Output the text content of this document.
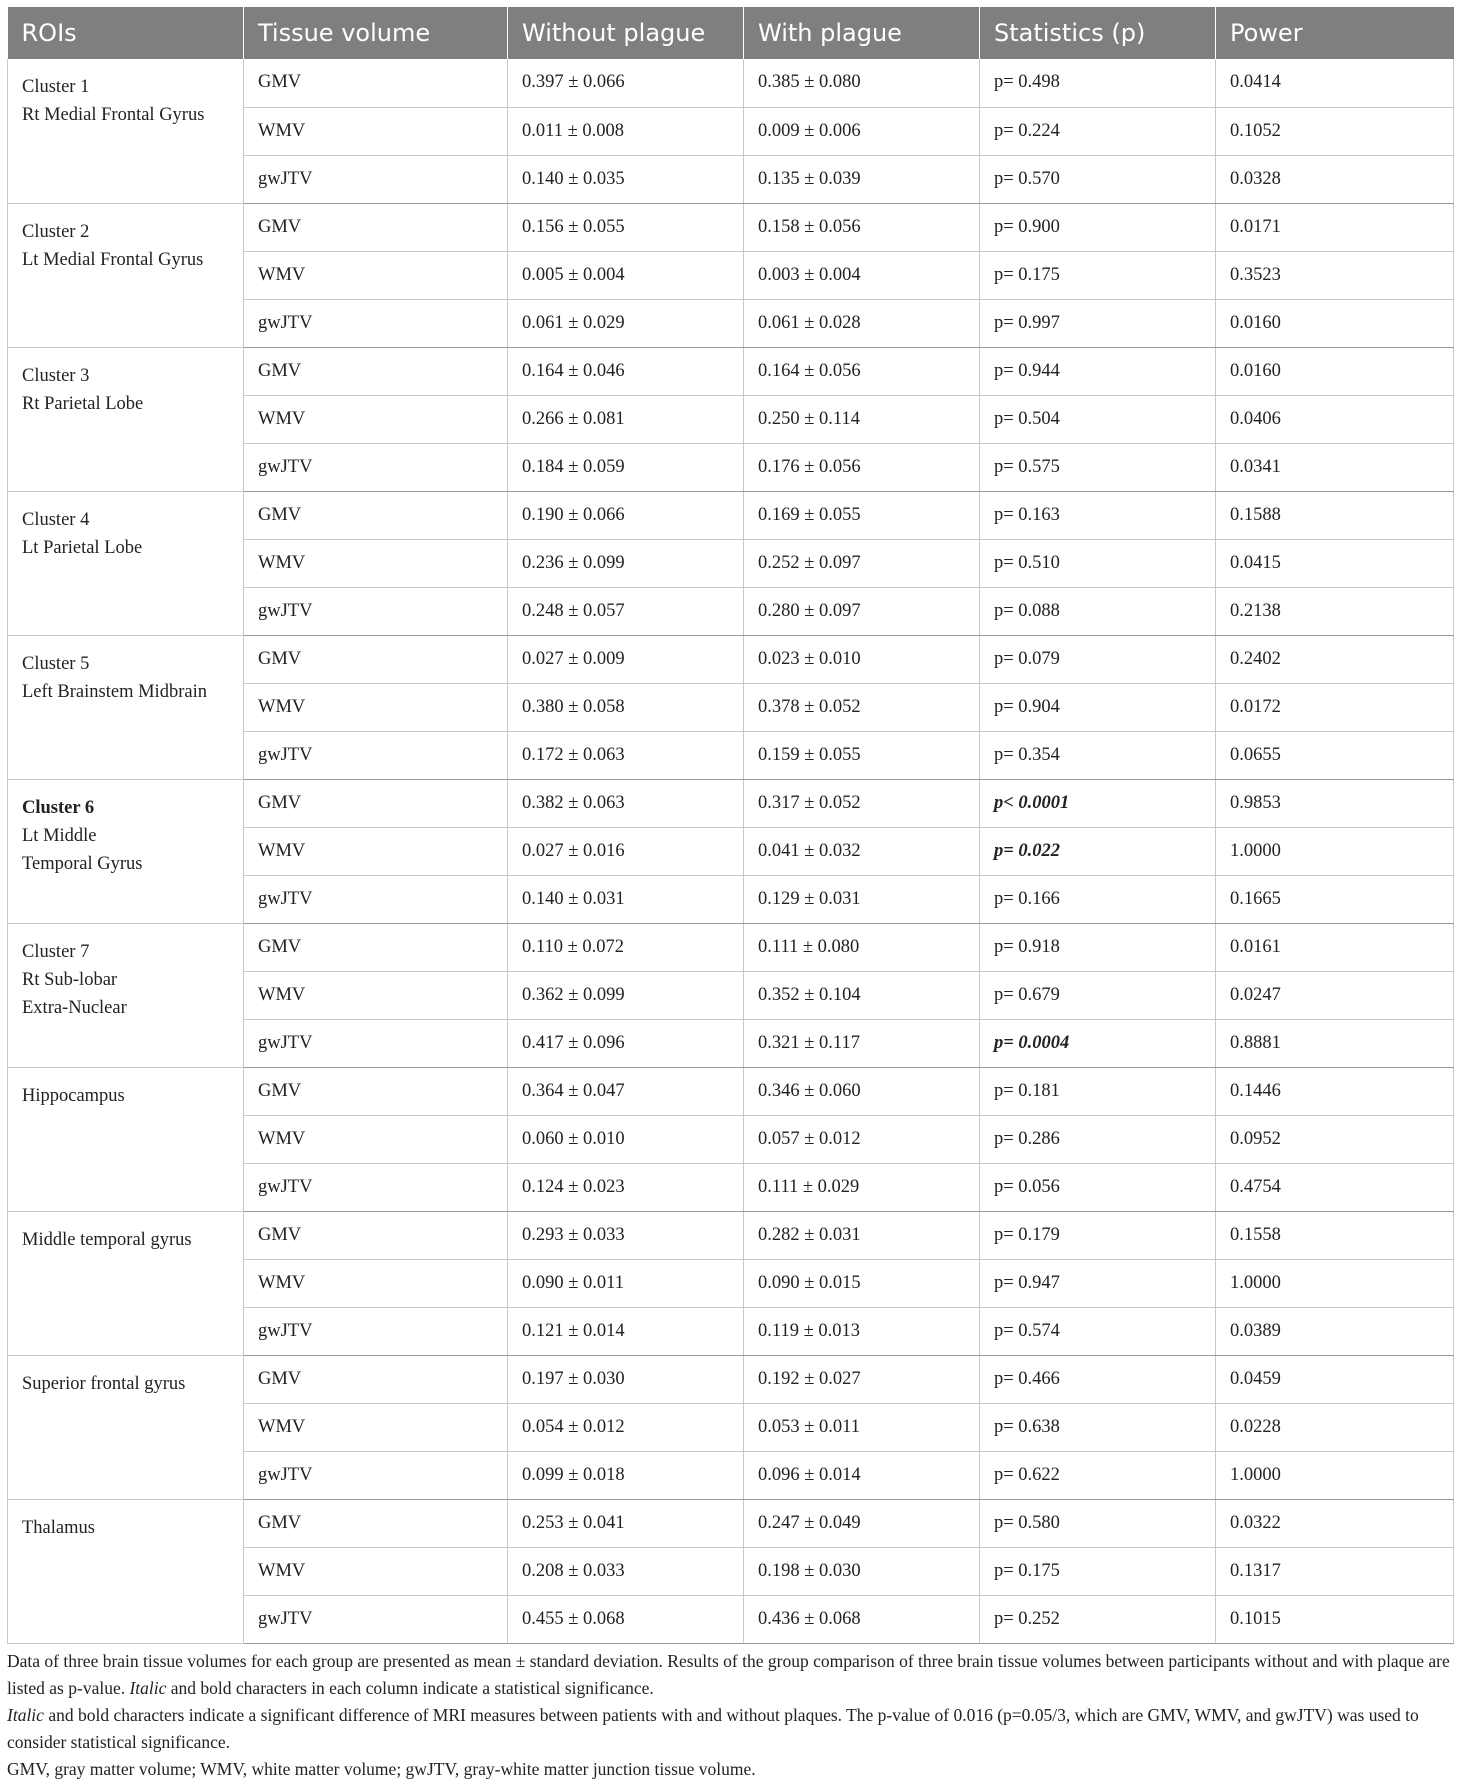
ROIs	Tissue volume	Without plague	With plague	Statistics (p)	Power

Cluster 1
Rt Medial Frontal Gyrus	GMV	0.397 ± 0.066	0.385 ± 0.080	p= 0.498	0.0414
	WMV	0.011 ± 0.008	0.009 ± 0.006	p= 0.224	0.1052
	gwJTV	0.140 ± 0.035	0.135 ± 0.039	p= 0.570	0.0328

Cluster 2
Lt Medial Frontal Gyrus	GMV	0.156 ± 0.055	0.158 ± 0.056	p= 0.900	0.0171
	WMV	0.005 ± 0.004	0.003 ± 0.004	p= 0.175	0.3523
	gwJTV	0.061 ± 0.029	0.061 ± 0.028	p= 0.997	0.0160

Cluster 3
Rt Parietal Lobe	GMV	0.164 ± 0.046	0.164 ± 0.056	p= 0.944	0.0160
	WMV	0.266 ± 0.081	0.250 ± 0.114	p= 0.504	0.0406
	gwJTV	0.184 ± 0.059	0.176 ± 0.056	p= 0.575	0.0341

Cluster 4
Lt Parietal Lobe	GMV	0.190 ± 0.066	0.169 ± 0.055	p= 0.163	0.1588
	WMV	0.236 ± 0.099	0.252 ± 0.097	p= 0.510	0.0415
	gwJTV	0.248 ± 0.057	0.280 ± 0.097	p= 0.088	0.2138

Cluster 5
Left Brainstem Midbrain	GMV	0.027 ± 0.009	0.023 ± 0.010	p= 0.079	0.2402
	WMV	0.380 ± 0.058	0.378 ± 0.052	p= 0.904	0.0172
	gwJTV	0.172 ± 0.063	0.159 ± 0.055	p= 0.354	0.0655

Cluster 6
Lt Middle
Temporal Gyrus	GMV	0.382 ± 0.063	0.317 ± 0.052	p< 0.0001	0.9853
	WMV	0.027 ± 0.016	0.041 ± 0.032	p= 0.022	1.0000
	gwJTV	0.140 ± 0.031	0.129 ± 0.031	p= 0.166	0.1665

Cluster 7
Rt Sub-lobar
Extra-Nuclear	GMV	0.110 ± 0.072	0.111 ± 0.080	p= 0.918	0.0161
	WMV	0.362 ± 0.099	0.352 ± 0.104	p= 0.679	0.0247
	gwJTV	0.417 ± 0.096	0.321 ± 0.117	p= 0.0004	0.8881

Hippocampus	GMV	0.364 ± 0.047	0.346 ± 0.060	p= 0.181	0.1446
	WMV	0.060 ± 0.010	0.057 ± 0.012	p= 0.286	0.0952
	gwJTV	0.124 ± 0.023	0.111 ± 0.029	p= 0.056	0.4754

Middle temporal gyrus	GMV	0.293 ± 0.033	0.282 ± 0.031	p= 0.179	0.1558
	WMV	0.090 ± 0.011	0.090 ± 0.015	p= 0.947	1.0000
	gwJTV	0.121 ± 0.014	0.119 ± 0.013	p= 0.574	0.0389

Superior frontal gyrus	GMV	0.197 ± 0.030	0.192 ± 0.027	p= 0.466	0.0459
	WMV	0.054 ± 0.012	0.053 ± 0.011	p= 0.638	0.0228
	gwJTV	0.099 ± 0.018	0.096 ± 0.014	p= 0.622	1.0000

Thalamus	GMV	0.253 ± 0.041	0.247 ± 0.049	p= 0.580	0.0322
	WMV	0.208 ± 0.033	0.198 ± 0.030	p= 0.175	0.1317
	gwJTV	0.455 ± 0.068	0.436 ± 0.068	p= 0.252	0.1015

Data of three brain tissue volumes for each group are presented as mean ± standard deviation. Results of the group comparison of three brain tissue volumes between participants without and with plaque are listed as p-value. Italic and bold characters in each column indicate a statistical significance.

Italic and bold characters indicate a significant difference of MRI measures between patients with and without plaques. The p-value of 0.016 (p=0.05/3, which are GMV, WMV, and gwJTV) was used to consider statistical significance.

GMV, gray matter volume; WMV, white matter volume; gwJTV, gray-white matter junction tissue volume.
